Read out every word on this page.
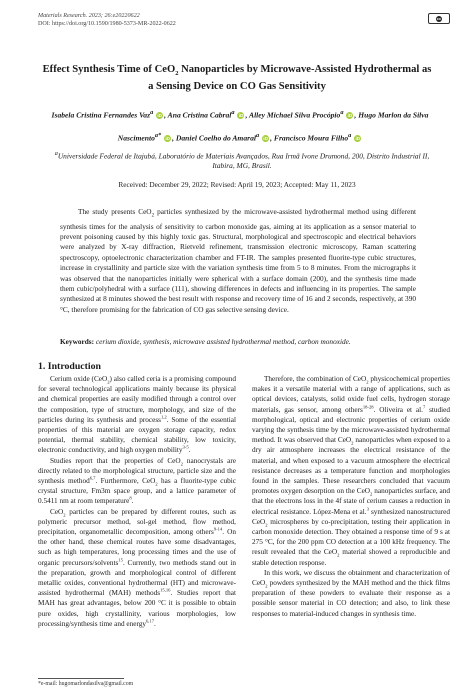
Materials Research. 2023; 26:e20220622
DOI: https://doi.org/10.1590/1980-5373-MR-2022-0622
cc
Effect Synthesis Time of CeO$_2$ Nanoparticles by Microwave-Assisted Hydrothermal as a Sensing Device on CO Gas Sensitivity
Isabela Cristina Fernandes Vaz$^a$ iD , Ana Cristina Cabral$^a$ iD , Alley Michael Silva Procópio$^a$ iD , Hugo Marlon da Silva Nascimento$^{a*}$ iD , Daniel Coelho do Amaral$^a$ iD , Francisco Moura Filho$^a$ iD
$^a$Universidade Federal de Itajubá, Laboratório de Materiais Avançados, Rua Irmã Ivone Drumond, 200, Distrito Industrial II, Itabira, MG, Brasil.
Received: December 29, 2022; Revised: April 19, 2023; Accepted: May 11, 2023

The study presents CeO$_2$ particles synthesized by the microwave-assisted hydrothermal method using different synthesis times for the analysis of sensitivity to carbon monoxide gas, aiming at its application as a sensor material to prevent poisoning caused by this highly toxic gas. Structural, morphological and spectroscopic and electrical behaviors were analyzed by X-ray diffraction, Rietveld refinement, transmission electronic microscopy, Raman scattering spectroscopy, optoelectronic characterization chamber and FT-IR. The samples presented fluorite-type cubic structures, increase in crystallinity and particle size with the variation synthesis time from 5 to 8 minutes. From the micrographs it was observed that the nanoparticles initially were spherical with a surface domain (200), and the synthesis time made them cubic/polyhedral with a surface (111), showing differences in defects and influencing in its properties. The sample synthesized at 8 minutes showed the best result with response and recovery time of 16 and 2 seconds, respectively, at 390 °C, therefore promising for the fabrication of CO gas selective sensing device.

Keywords: cerium dioxide, synthesis, microwave assisted hydrothermal method, carbon monoxide.
1. Introduction

Cerium oxide (CeO$_2$) also called ceria is a promising compound for several technological applications mainly because its physical and chemical properties are easily modified through a control over the composition, type of structure, morphology, and size of the particles during its synthesis and process$^{1,2}$. Some of the essential properties of this material are oxygen storage capacity, redox potential, thermal stability, chemical stability, low toxicity, electronic conductivity, and high oxygen mobility$^{3-5}$.

Studies report that the properties of CeO$_2$ nanocrystals are directly related to the morphological structure, particle size and the synthesis method$^{6,7}$. Furthermore, CeO$_2$ has a fluorite-type cubic crystal structure, Fm3m space group, and a lattice parameter of 0.5411 nm at room temperature$^8$.

CeO$_2$ particles can be prepared by different routes, such as polymeric precursor method, sol-gel method, flow method, precipitation, organometallic decomposition, among others$^{9-14}$. On the other hand, these chemical routes have some disadvantages, such as high temperatures, long processing times and the use of organic precursors/solvents$^{15}$. Currently, two methods stand out in the preparation, growth and morphological control of different metallic oxides, conventional hydrothermal (HT) and microwave-assisted hydrothermal (MAH) methods$^{15,16}$. Studies report that MAH has great advantages, below 200 °C it is possible to obtain pure oxides, high crystallinity, various morphologies, low processing/synthesis time and energy$^{6,17}$.

Therefore, the combination of CeO$_2$ physicochemical properties makes it a versatile material with a range of applications, such as optical devices, catalysts, solid oxide fuel cells, hydrogen storage materials, gas sensor, among others$^{18-28}$. Oliveira et al.$^7$ studied morphological, optical and electronic properties of cerium oxide varying the synthesis time by the microwave-assisted hydrothermal method. It was observed that CeO$_2$ nanoparticles when exposed to a dry air atmosphere increases the electrical resistance of the material, and when exposed to a vacuum atmosphere the electrical resistance decreases as a temperature function and morphologies found in the samples. These researchers concluded that vacuum promotes oxygen desorption on the CeO$_2$ nanoparticles surface, and that the electrons loss in the 4f state of cerium causes a reduction in electrical resistance. López-Mena et al.$^3$ synthesized nanostructured CeO$_2$ microspheres by co-precipitation, testing their application in carbon monoxide detection. They obtained a response time of 9 s at 275 °C, for the 200 ppm CO detection at a 100 kHz frequency. The result revealed that the CeO$_2$ material showed a reproducible and stable detection response.

In this work, we discuss the obtainment and characterization of CeO$_2$ powders synthesized by the MAH method and the thick films preparation of these powders to evaluate their response as a possible sensor material in CO detection; and also, to link these responses to material-induced changes in synthesis time.

*e-mail: hugomarlondasilva@gmail.com
